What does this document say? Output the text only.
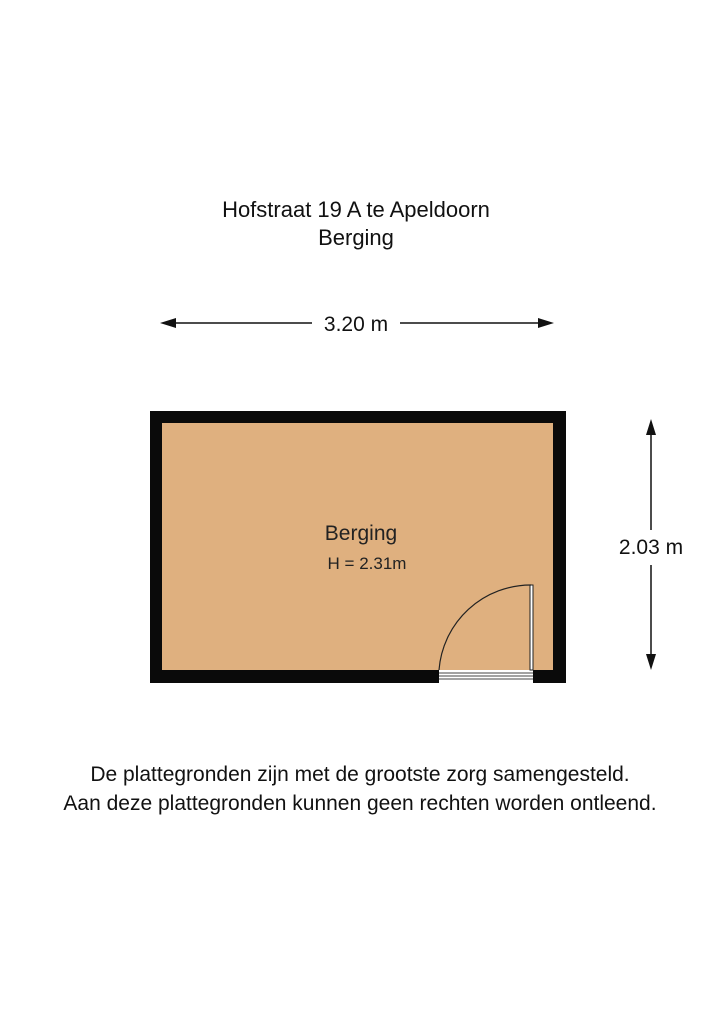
Hofstraat 19 A te Apeldoorn
Berging
3.20 m
2.03 m
Berging
H = 2.31m
De plattegronden zijn met de grootste zorg samengesteld.
Aan deze plattegronden kunnen geen rechten worden ontleend.
